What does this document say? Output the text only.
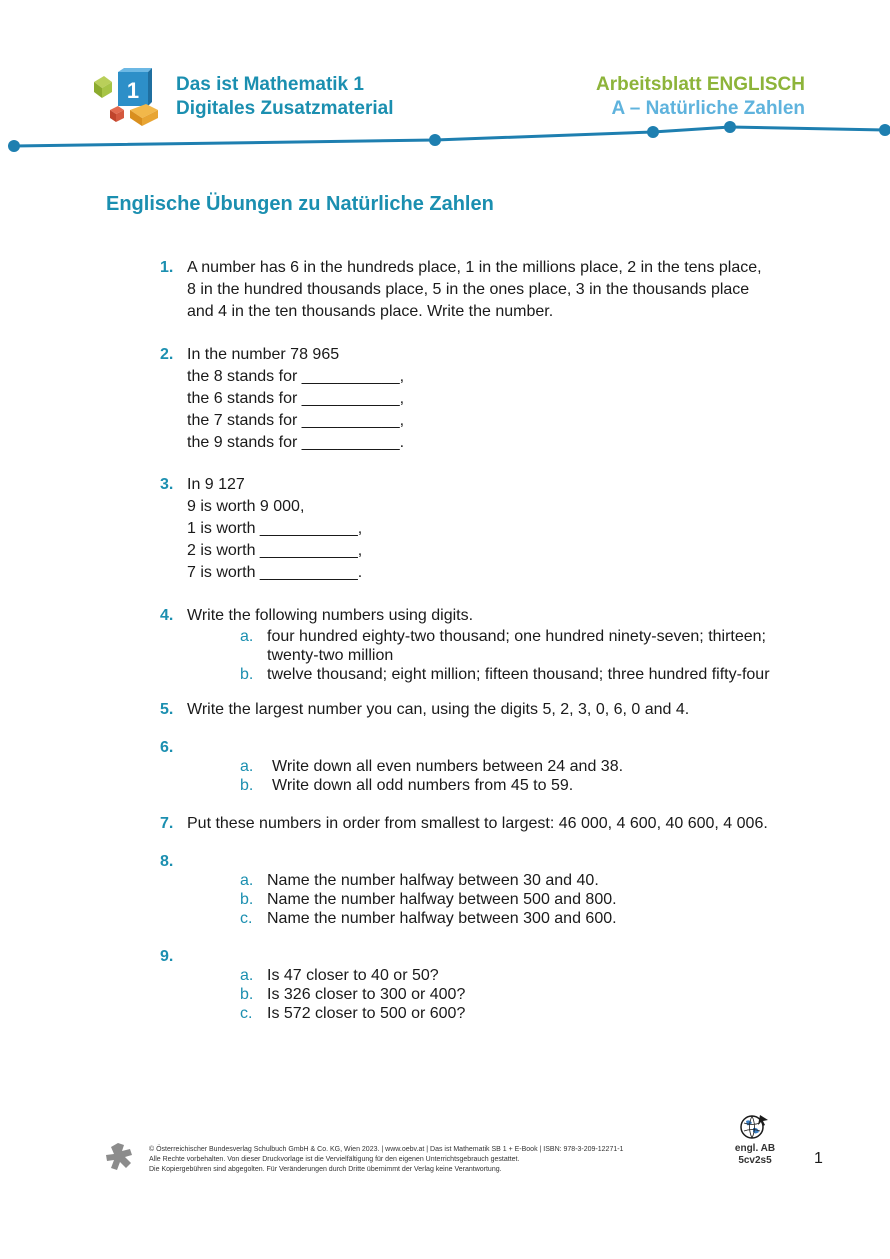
1 Das ist Mathematik 1
Digitales Zusatzmaterial
Arbeitsblatt ENGLISCH
A – Natürliche Zahlen
Englische Übungen zu Natürliche Zahlen
1. A number has 6 in the hundreds place, 1 in the millions place, 2 in the tens place,
8 in the hundred thousands place, 5 in the ones place, 3 in the thousands place
and 4 in the ten thousands place. Write the number.
2. In the number 78 965
the 8 stands for ___________,
the 6 stands for ___________,
the 7 stands for ___________,
the 9 stands for ___________.
3. In 9 127
9 is worth 9 000,
1 is worth ___________,
2 is worth ___________,
7 is worth ___________.
4. Write the following numbers using digits.
a. four hundred eighty-two thousand; one hundred ninety-seven; thirteen;
twenty-two million
b. twelve thousand; eight million; fifteen thousand; three hundred fifty-four
5. Write the largest number you can, using the digits 5, 2, 3, 0, 6, 0 and 4.
6.
a. Write down all even numbers between 24 and 38.
b. Write down all odd numbers from 45 to 59.
7. Put these numbers in order from smallest to largest: 46 000, 4 600, 40 600, 4 006.
8.
a. Name the number halfway between 30 and 40.
b. Name the number halfway between 500 and 800.
c. Name the number halfway between 300 and 600.
9.
a. Is 47 closer to 40 or 50?
b. Is 326 closer to 300 or 400?
c. Is 572 closer to 500 or 600?
© Österreichischer Bundesverlag Schulbuch GmbH & Co. KG, Wien 2023. | www.oebv.at | Das ist Mathematik SB 1 + E-Book | ISBN: 978-3-209-12271-1
Alle Rechte vorbehalten. Von dieser Druckvorlage ist die Vervielfältigung für den eigenen Unterrichtsgebrauch gestattet.
Die Kopiergebühren sind abgegolten. Für Veränderungen durch Dritte übernimmt der Verlag keine Verantwortung.
engl. AB
5cv2s5	1
